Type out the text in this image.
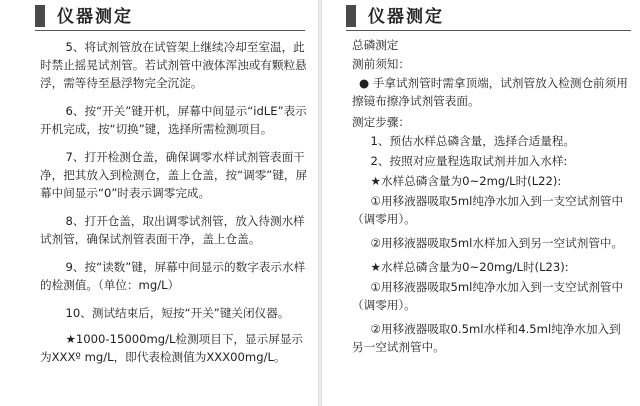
仪器测定

5、将试剂管放在试管架上继续冷却至室温，此时禁止摇晃试剂管。若试剂管中液体浑浊或有颗粒悬浮，需等待至悬浮物完全沉淀。

6、按“开关”键开机，屏幕中间显示“idLE”表示开机完成，按“切换”键，选择所需检测项目。

7、打开检测仓盖，确保调零水样试剂管表面干净，把其放入到检测仓，盖上仓盖，按“调零”键，屏幕中间显示“0”时表示调零完成。

8、打开仓盖，取出调零试剂管，放入待测水样试剂管，确保试剂管表面干净，盖上仓盖。

9、按“读数”键，屏幕中间显示的数字表示水样的检测值。（单位：mg/L）

10、测试结束后，短按“开关”键关闭仪器。

★1000-15000mg/L检测项目下，显示屏显示为XXXº mg/L，即代表检测值为XXX00mg/L。

仪器测定

总磷测定

测前须知：

● 手拿试剂管时需拿顶端，试剂管放入检测仓前须用擦镜布擦净试剂管表面。

测定步骤：

1、预估水样总磷含量，选择合适量程。

2、按照对应量程选取试剂并加入水样:

★水样总磷含量为0~2mg/L时(L22):

①用移液器吸取5ml纯净水加入到一支空试剂管中（调零用）。

②用移液器吸取5ml水样加入到另一空试剂管中。

★水样总磷含量为0~20mg/L时(L23):

①用移液器吸取5ml纯净水加入到一支空试剂管中（调零用）。

②用移液器吸取0.5ml水样和4.5ml纯净水加入到另一空试剂管中。
